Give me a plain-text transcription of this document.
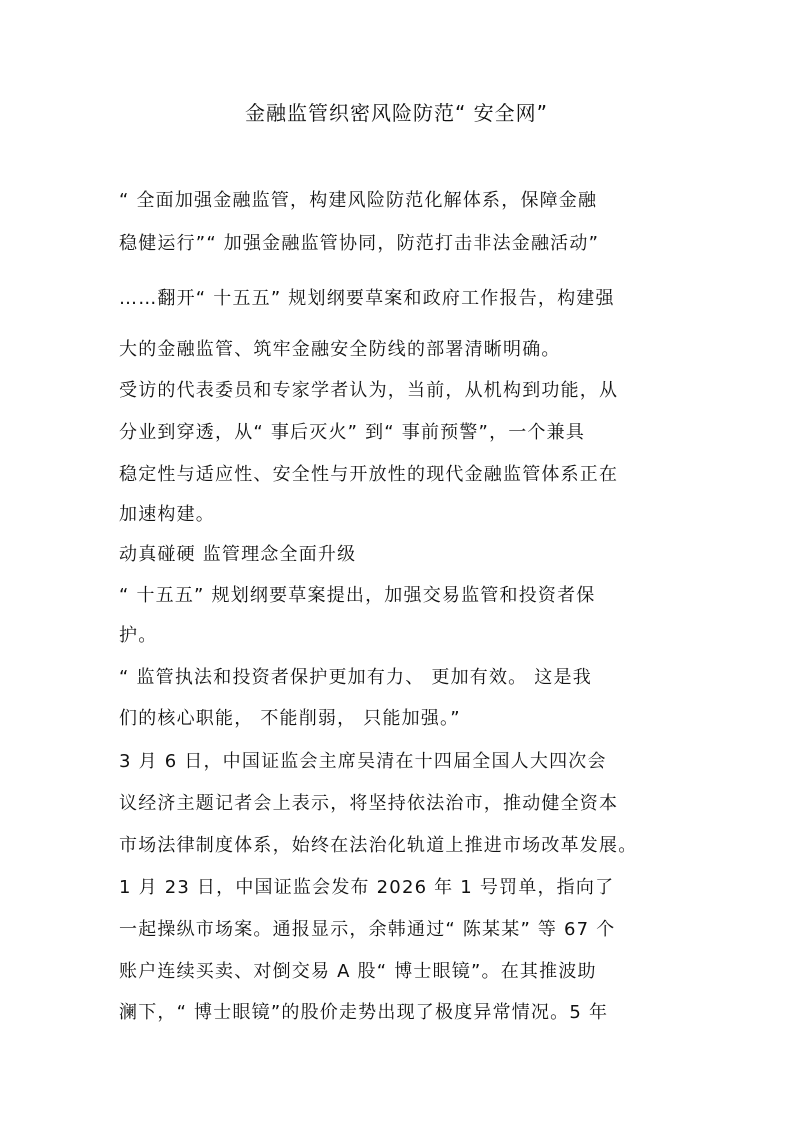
金融监管织密风险防范“ 安全网”

“ 全面加强金融监管，构建风险防范化解体系，保障金融

稳健运行”“ 加强金融监管协同，防范打击非法金融活动”

……翻开“ 十五五” 规划纲要草案和政府工作报告，构建强

大的金融监管、筑牢金融安全防线的部署清晰明确。

受访的代表委员和专家学者认为，当前，从机构到功能，从

分业到穿透，从“ 事后灭火” 到“ 事前预警”，一个兼具

稳定性与适应性、安全性与开放性的现代金融监管体系正在

加速构建。

动真碰硬 监管理念全面升级

“ 十五五” 规划纲要草案提出，加强交易监管和投资者保

护。

“ 监管执法和投资者保护更加有力、 更加有效。 这是我

们的核心职能， 不能削弱， 只能加强。”

3 月 6 日，中国证监会主席吴清在十四届全国人大四次会

议经济主题记者会上表示，将坚持依法治市，推动健全资本

市场法律制度体系，始终在法治化轨道上推进市场改革发展。

1 月 23 日，中国证监会发布 2026 年 1 号罚单，指向了

一起操纵市场案。通报显示，余韩通过“ 陈某某” 等 67 个

账户连续买卖、对倒交易 A 股“ 博士眼镜”。在其推波助

澜下，“ 博士眼镜”的股价走势出现了极度异常情况。5 年
